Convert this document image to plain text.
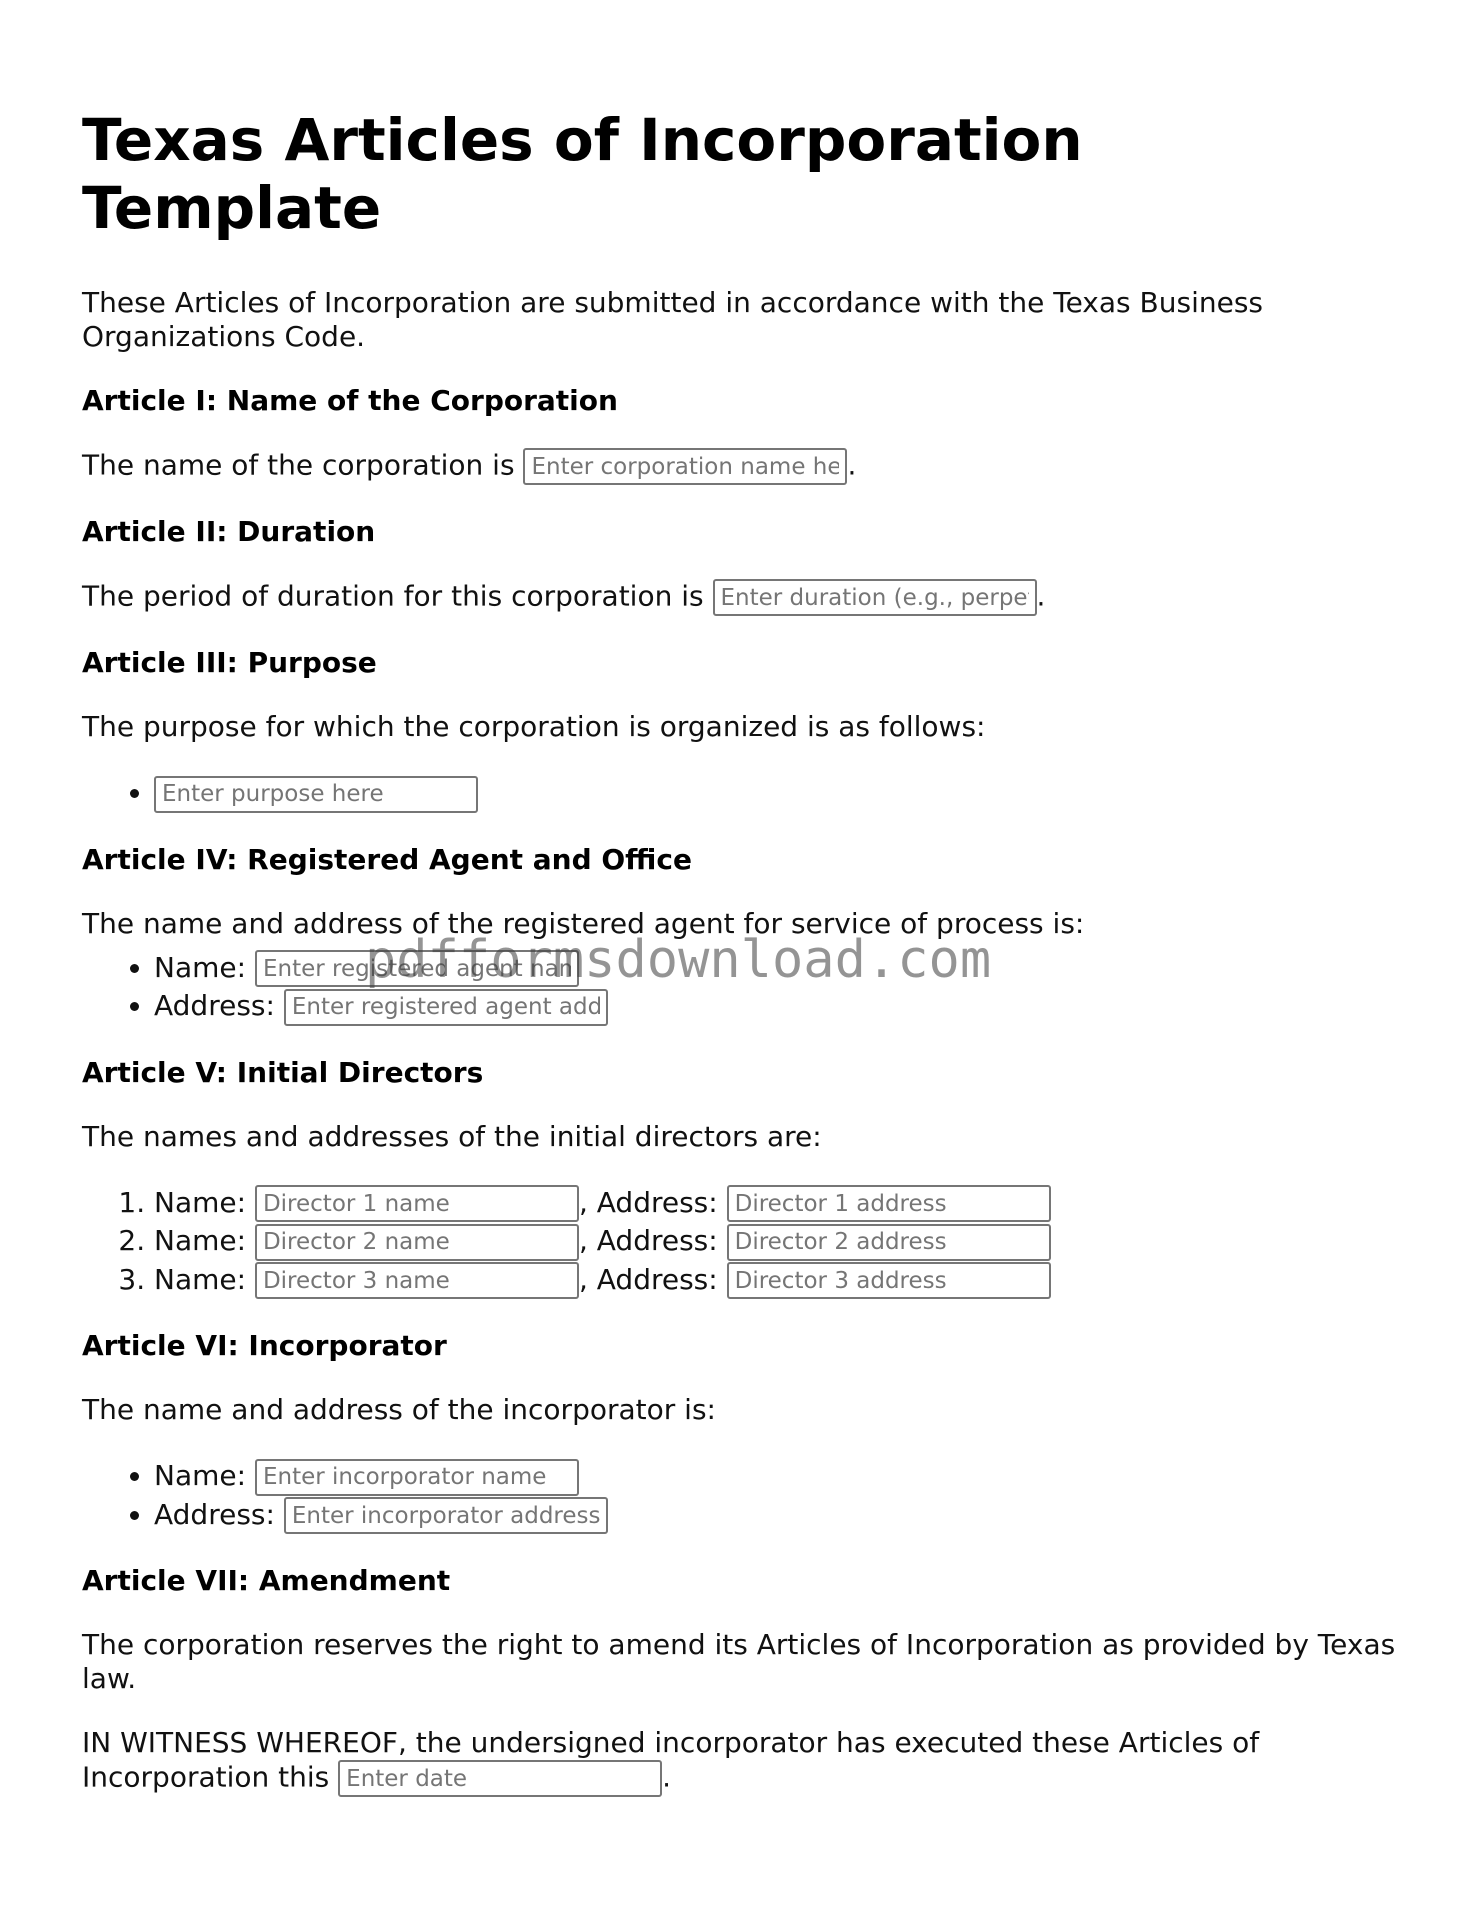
Texas Articles of Incorporation Template

These Articles of Incorporation are submitted in accordance with the Texas Business Organizations Code.

Article I: Name of the Corporation

The name of the corporation is Enter corporation name here	.

Article II: Duration

The period of duration for this corporation is Enter duration (e.g., perpetual)	.

Article III: Purpose

The purpose for which the corporation is organized is as follows:

• Enter purpose here
Article IV: Registered Agent and Office

The name and address of the registered agent for service of process is:

• Name: Enter registered agent name
• Address: Enter registered agent address
Article V: Initial Directors

The names and addresses of the initial directors are:

1. Name: Director 1 name	, Address: Director 1 address
2. Name: Director 2 name	, Address: Director 2 address
3. Name: Director 3 name	, Address: Director 3 address
Article VI: Incorporator

The name and address of the incorporator is:

• Name: Enter incorporator name
• Address: Enter incorporator address
Article VII: Amendment

The corporation reserves the right to amend its Articles of Incorporation as provided by Texas law.

IN WITNESS WHEREOF, the undersigned incorporator has executed these Articles of Incorporation this Enter date	.

pdfformsdownload.com
